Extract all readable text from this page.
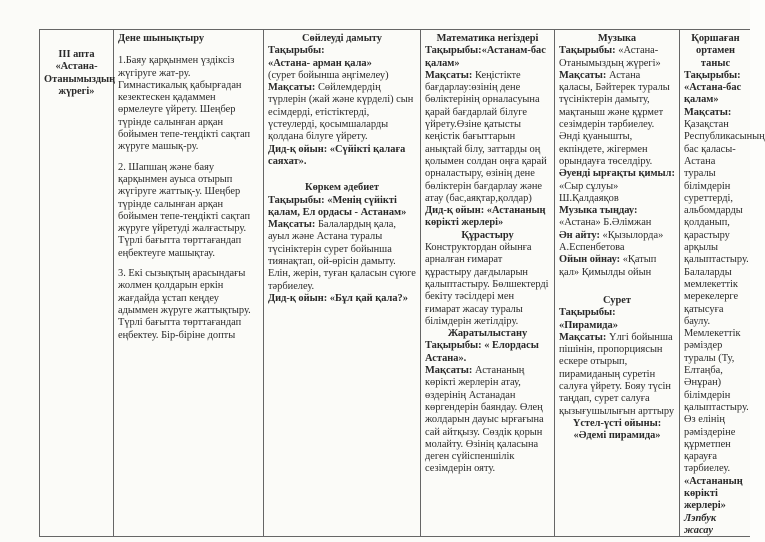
III апта «Астана-Отанымыздың жүрегі»

Дене шынықтыру

1.Баяу қарқынмен үздіксіз жүгіруге жат-ру. Гимнастикалық қабырғадан кезектескен қадаммен өрмелеуге үйрету. Шеңбер түрінде салынған арқан бойымен тепе-теңдікті сақтап жүруге машық-ру.

2. Шапшаң және баяу қарқынмен ауыса отырып жүгіруге жаттық-у. Шеңбер түрінде салынған арқан бойымен тепе-теңдікті сақтап жүруге үйретуді жалғастыру. Түрлі бағытта төрттағандап еңбектеуге машықтау.

3. Екі сызықтың арасындағы жолмен қолдарын еркін жағдайда ұстап кеңдеу адыммен жүруге жаттықтыру. Түрлі бағытта төрттағандап еңбектеу. Бір-біріне допты

Сөйлеуді дамыту

Тақырыбы:

«Астана- арман қала»

(сурет бойынша әңгімелеу)

Мақсаты: Сөйлемдердің түрлерін (жай және күрделі) сын есімдерді, етістіктерді, үстеулерді, қосымшаларды қолдана білуге үйрету.

Дид-қ ойын: «Сүйікті қалаға саяхат».

Көркем әдебиет

Тақырыбы: «Менің сүйікті қалам, Ел ордасы - Астанам»

Мақсаты: Балалардың қала, ауыл және Астана туралы түсініктерін сурет бойынша тиянақтап, ой-өрісін дамыту. Елін, жерін, туған қаласын сүюге тәрбиелеу.

Дид-қ ойын: «Бұл қай қала?»

Математика негіздері

Тақырыбы:«Астанам-бас қалам»

Мақсаты: Кеңістікте бағдарлау:өзінің дене бөліктерінің орналасуына қарай бағдарлай білуге үйрету.Өзіне қатысты кеңістік бағыттарын анықтай білу, заттарды оң қолымен солдан оңға қарай орналастыру, өзінің дене бөліктерін бағдарлау және атау (бас,аяқтар,қолдар)

Дид-қ ойын: «Астананың көрікті жерлері»

Құрастыру

Конструктордан ойынға арналған ғимарат құрастыру дағдыларын қалыптастыру. Бөлшектерді бекіту тәсілдері мен ғимарат жасау туралы білімдерін жетілдіру.

Жаратылыстану

Тақырыбы: « Елордасы Астана».

Мақсаты: Астананың көрікті жерлерін атау, өздерінің Астанадан көргендерін баяндау. Өлең жолдарын дауыс ырғағына сай айтқызу. Сөздік қорын молайту. Өзінің қаласына деген сүйіспеншілік сезімдерін ояту.

Музыка

Тақырыбы: «Астана-Отанымыздың жүрегі»

Мақсаты: Астана қаласы, Бәйтерек туралы түсініктерін дамыту, мақтаныш және құрмет сезімдерін тәрбиелеу. Әнді қуанышты, екпіндете, жігермен орындауға төселдіру.

Әуенді ырғақты қимыл:

«Сыр сұлуы» Ш.Қалдаяқов

Музыка тыңдау:

«Астана» Б.Әлімжан

Ән айту: «Қызылорда» А.Еспенбетова

Ойын ойнау: «Қатып қал» Қимылды ойын

Сурет

Тақырыбы:

«Пирамида»

Мақсаты: Үлгі бойынша пішінін, пропорциясын ескере отырып, пирамиданың суретін салуға үйрету. Бояу түсін таңдап, сурет салуға қызығушылығын арттыру

Үстел-үсті ойыны:

«Әдемі пирамида»

Қоршаған ортамен таныс

Тақырыбы:

«Астана-бас қалам»

Мақсаты: Қазақстан Республикасының бас қаласы-Астана туралы білімдерін суреттерді, альбомдарды қолданып, қарастыру арқылы қалыптастыру. Балаларды мемлекеттік мерекелерге қатысуға баулу. Мемлекеттік рәміздер туралы (Ту, Елтаңба, Әнұран) білімдерін қалыптастыру. Өз елінің рәміздеріне құрметпен қарауға тәрбиелеу.

«Астананың көрікті жерлері»

Лэпбук жасау
